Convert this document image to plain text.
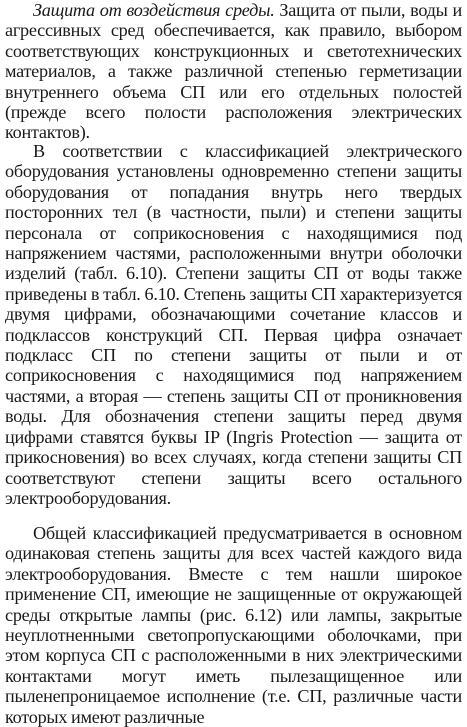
Защита от воздействия среды. Защита от пыли, воды и агрессивных сред обеспечивается, как правило, выбором соответствующих конструкционных и светотехнических материалов, а также различной степенью герметизации внутреннего объема СП или его отдельных полостей (прежде всего полости расположения электрических контактов).

В соответствии с классификацией электрического оборудования установлены одновременно степени защиты оборудования от попадания внутрь него твердых посторонних тел (в частности, пыли) и степени защиты персонала от соприкосновения с находящимися под напряжением частями, расположенными внутри оболочки изделий (табл. 6.10). Степени защиты СП от воды также приведены в табл. 6.10. Степень защиты СП характеризуется двумя цифрами, обозначающими сочетание классов и подклассов конструкций СП. Первая цифра означает подкласс СП по степени защиты от пыли и от соприкосновения с находящимися под напряжением частями, а вторая — степень защиты СП от проникновения воды. Для обозначения степени защиты перед двумя цифрами ставятся буквы IP (Ingris Protection — защита от прикосновения) во всех случаях, когда степени защиты СП соответствуют степени защиты всего остального электрооборудования.

Общей классификацией предусматривается в основном одинаковая степень защиты для всех частей каждого вида электрооборудования. Вместе с тем нашли широкое применение СП, имеющие не защищенные от окружающей среды открытые лампы (рис. 6.12) или лампы, закрытые неуплотненными светопропускающими оболочками, при этом корпуса СП с расположенными в них электрическими контактами могут иметь пылезащищенное или пыленепроницаемое исполнение (т.е. СП, различные части которых имеют различные
